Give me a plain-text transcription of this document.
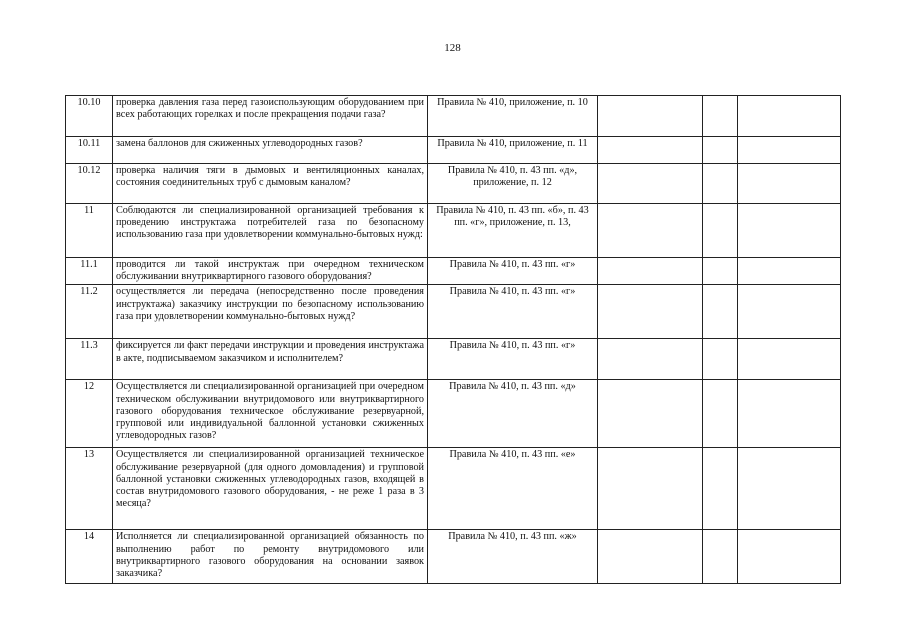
128
10.10	проверка давления газа перед газоиспользующим оборудованием при всех работающих горелках и после прекращения подачи газа?	Правила № 410, приложение, п. 10			
10.11	замена баллонов для сжиженных углеводородных газов?	Правила № 410, приложение, п. 11			
10.12	проверка наличия тяги в дымовых и вентиляционных каналах, состояния соединительных труб с дымовым каналом?	Правила № 410, п. 43 пп. «д», приложение, п. 12			
11	Соблюдаются ли специализированной организацией требования к проведению инструктажа потребителей газа по безопасному использованию газа при удовлетворении коммунально-бытовых нужд:	Правила № 410, п. 43 пп. «б», п. 43 пп. «г», приложение, п. 13,			
11.1	проводится ли такой инструктаж при очередном техническом обслуживании внутриквартирного газового оборудования?	Правила № 410, п. 43 пп. «г»			
11.2	осуществляется ли передача (непосредственно после проведения инструктажа) заказчику инструкции по безопасному использованию газа при удовлетворении коммунально-бытовых нужд?	Правила № 410, п. 43 пп. «г»			
11.3	фиксируется ли факт передачи инструкции и проведения инструктажа в акте, подписываемом заказчиком и исполнителем?	Правила № 410, п. 43 пп. «г»			
12	Осуществляется ли специализированной организацией при очередном техническом обслуживании внутридомового или внутриквартирного газового оборудования техническое обслуживание резервуарной, групповой или индивидуальной баллонной установки сжиженных углеводородных газов?	Правила № 410, п. 43 пп. «д»			
13	Осуществляется ли специализированной организацией техническое обслуживание резервуарной (для одного домовладения) и групповой баллонной установки сжиженных углеводородных газов, входящей в состав внутридомового газового оборудования, - не реже 1 раза в 3 месяца?	Правила № 410, п. 43 пп. «е»			
14	Исполняется ли специализированной организацией обязанность по выполнению работ по ремонту внутридомового или внутриквартирного газового оборудования на основании заявок заказчика?	Правила № 410, п. 43 пп. «ж»			
